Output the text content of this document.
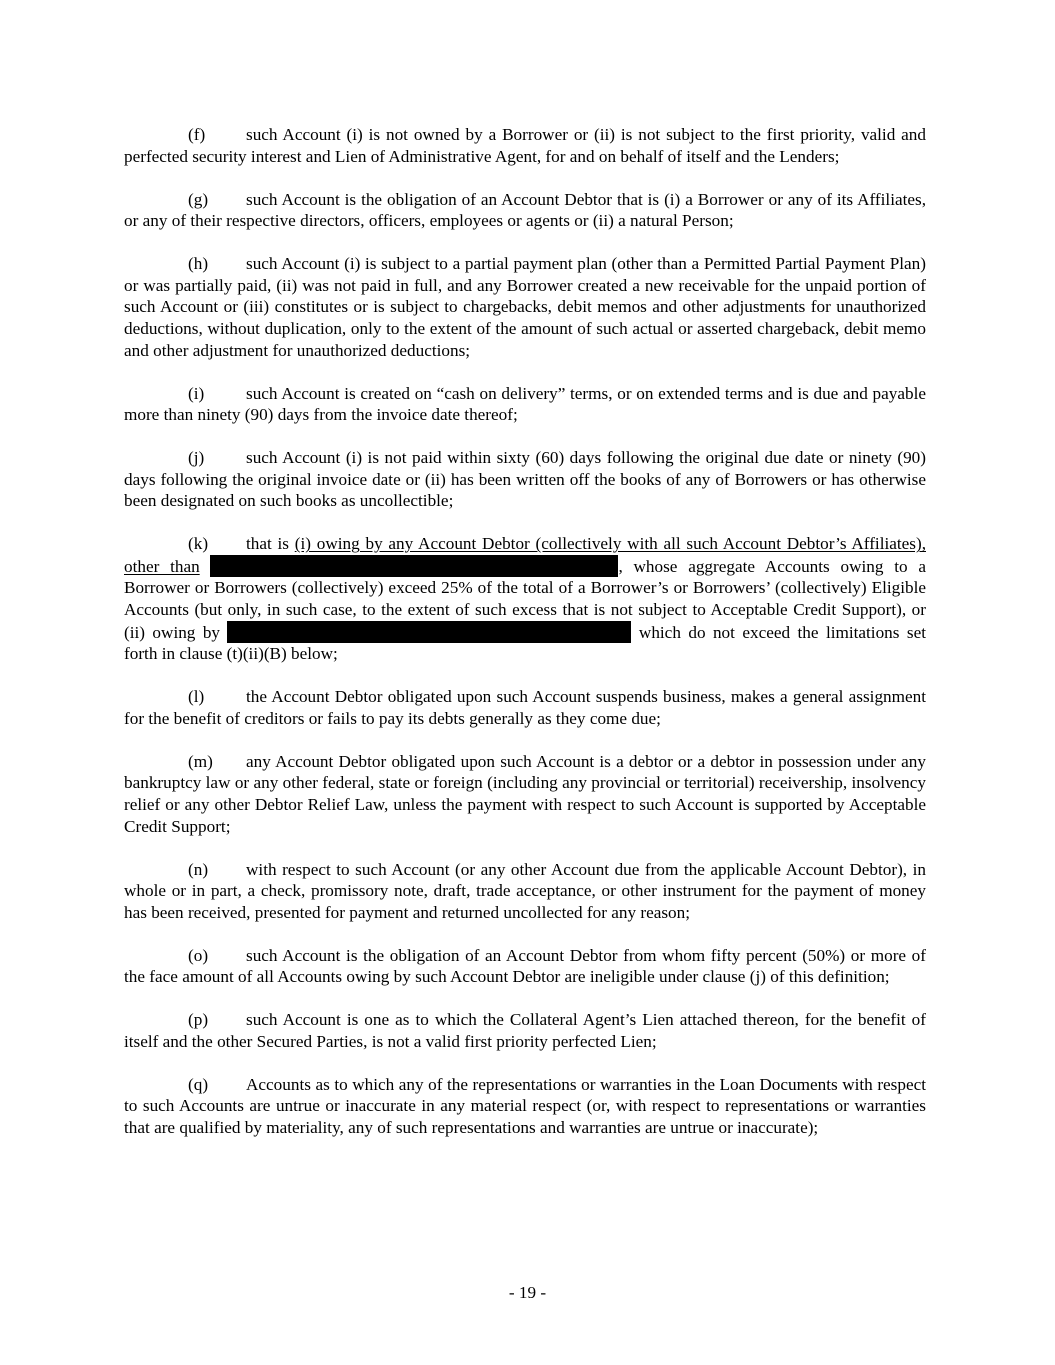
(f) such Account (i) is not owned by a Borrower or (ii) is not subject to the first priority, valid and perfected security interest and Lien of Administrative Agent, for and on behalf of itself and the Lenders;

(g) such Account is the obligation of an Account Debtor that is (i) a Borrower or any of its Affiliates, or any of their respective directors, officers, employees or agents or (ii) a natural Person;

(h) such Account (i) is subject to a partial payment plan (other than a Permitted Partial Payment Plan) or was partially paid, (ii) was not paid in full, and any Borrower created a new receivable for the unpaid portion of such Account or (iii) constitutes or is subject to chargebacks, debit memos and other adjustments for unauthorized deductions, without duplication, only to the extent of the amount of such actual or asserted chargeback, debit memo and other adjustment for unauthorized deductions;

(i) such Account is created on “cash on delivery” terms, or on extended terms and is due and payable more than ninety (90) days from the invoice date thereof;

(j) such Account (i) is not paid within sixty (60) days following the original due date or ninety (90) days following the original invoice date or (ii) has been written off the books of any of Borrowers or has otherwise been designated on such books as uncollectible;

(k) that is (i) owing by any Account Debtor (collectively with all such Account Debtor’s Affiliates), other than	, whose aggregate Accounts owing to a Borrower or Borrowers (collectively) exceed 25% of the total of a Borrower’s or Borrowers’ (collectively) Eligible Accounts (but only, in such case, to the extent of such excess that is not subject to Acceptable Credit Support), or (ii) owing by	which do not exceed the limitations set forth in clause (t)(ii)(B) below;

(l) the Account Debtor obligated upon such Account suspends business, makes a general assignment for the benefit of creditors or fails to pay its debts generally as they come due;

(m) any Account Debtor obligated upon such Account is a debtor or a debtor in possession under any bankruptcy law or any other federal, state or foreign (including any provincial or territorial) receivership, insolvency relief or any other Debtor Relief Law, unless the payment with respect to such Account is supported by Acceptable Credit Support;

(n) with respect to such Account (or any other Account due from the applicable Account Debtor), in whole or in part, a check, promissory note, draft, trade acceptance, or other instrument for the payment of money has been received, presented for payment and returned uncollected for any reason;

(o) such Account is the obligation of an Account Debtor from whom fifty percent (50%) or more of the face amount of all Accounts owing by such Account Debtor are ineligible under clause (j) of this definition;

(p) such Account is one as to which the Collateral Agent’s Lien attached thereon, for the benefit of itself and the other Secured Parties, is not a valid first priority perfected Lien;

(q) Accounts as to which any of the representations or warranties in the Loan Documents with respect to such Accounts are untrue or inaccurate in any material respect (or, with respect to representations or warranties that are qualified by materiality, any of such representations and warranties are untrue or inaccurate);

- 19 -
